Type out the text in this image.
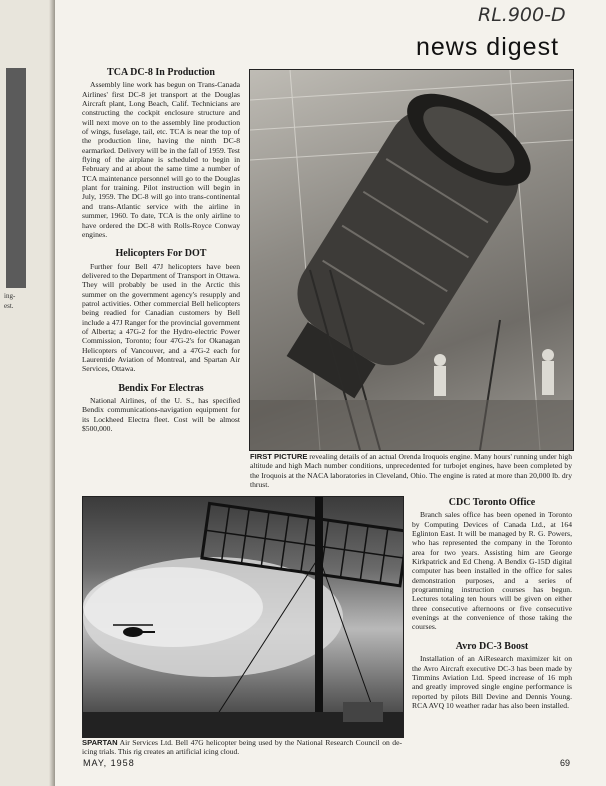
ing-
est.
RL.900-D
news digest
TCA DC-8 In Production

Assembly line work has begun on Trans-Canada Airlines' first DC-8 jet transport at the Douglas Aircraft plant, Long Beach, Calif. Technicians are constructing the cockpit enclosure structure and will next move on to the assembly line production of wings, fuselage, tail, etc. TCA is near the top of the production line, having the ninth DC-8 earmarked. Delivery will be in the fall of 1959. Test flying of the airplane is scheduled to begin in February and at about the same time a number of TCA maintenance personnel will go to the Douglas plant for training. Pilot instruction will begin in July, 1959. The DC-8 will go into trans-continental and trans-Atlantic service with the airline in summer, 1960. To date, TCA is the only airline to have ordered the DC-8 with Rolls-Royce Conway engines.

Helicopters For DOT

Further four Bell 47J helicopters have been delivered to the Department of Transport in Ottawa. They will probably be used in the Arctic this summer on the government agency's resupply and patrol activities. Other commercial Bell helicopters being readied for Canadian customers by Bell include a 47J Ranger for the provincial government of Alberta; a 47G-2 for the Hydro-electric Power Commission, Toronto; four 47G-2's for Okanagan Helicopters of Vancouver, and a 47G-2 each for Laurentide Aviation of Montreal, and Spartan Air Services, Ottawa.

Bendix For Electras

National Airlines, of the U. S., has specified Bendix communications-navigation equipment for its Lockheed Electra fleet. Cost will be almost $500,000.

FIRST PICTURE revealing details of an actual Orenda Iroquois engine. Many hours' running under high altitude and high Mach number conditions, unprecedented for turbojet engines, have been completed by the Iroquois at the NACA laboratories in Cleveland, Ohio. The engine is rated at more than 20,000 lb. dry thrust.
SPARTAN Air Services Ltd. Bell 47G helicopter being used by the National Research Council on de-icing trials. This rig creates an artificial icing cloud.
CDC Toronto Office

Branch sales office has been opened in Toronto by Computing Devices of Canada Ltd., at 164 Eglinton East. It will be managed by R. G. Powers, who has represented the company in the Toronto area for two years. Assisting him are George Kirkpatrick and Ed Cheng. A Bendix G-15D digital computer has been installed in the office for sales demonstration purposes, and a series of programming instruction courses has begun. Lectures totaling ten hours will be given on either three consecutive afternoons or five consecutive evenings at the convenience of those taking the courses.

Avro DC-3 Boost

Installation of an AiResearch maximizer kit on the Avro Aircraft executive DC-3 has been made by Timmins Aviation Ltd. Speed increase of 16 mph and greatly improved single engine performance is reported by pilots Bill Devine and Dennis Young. RCA AVQ 10 weather radar has also been installed.

MAY, 1958	69
